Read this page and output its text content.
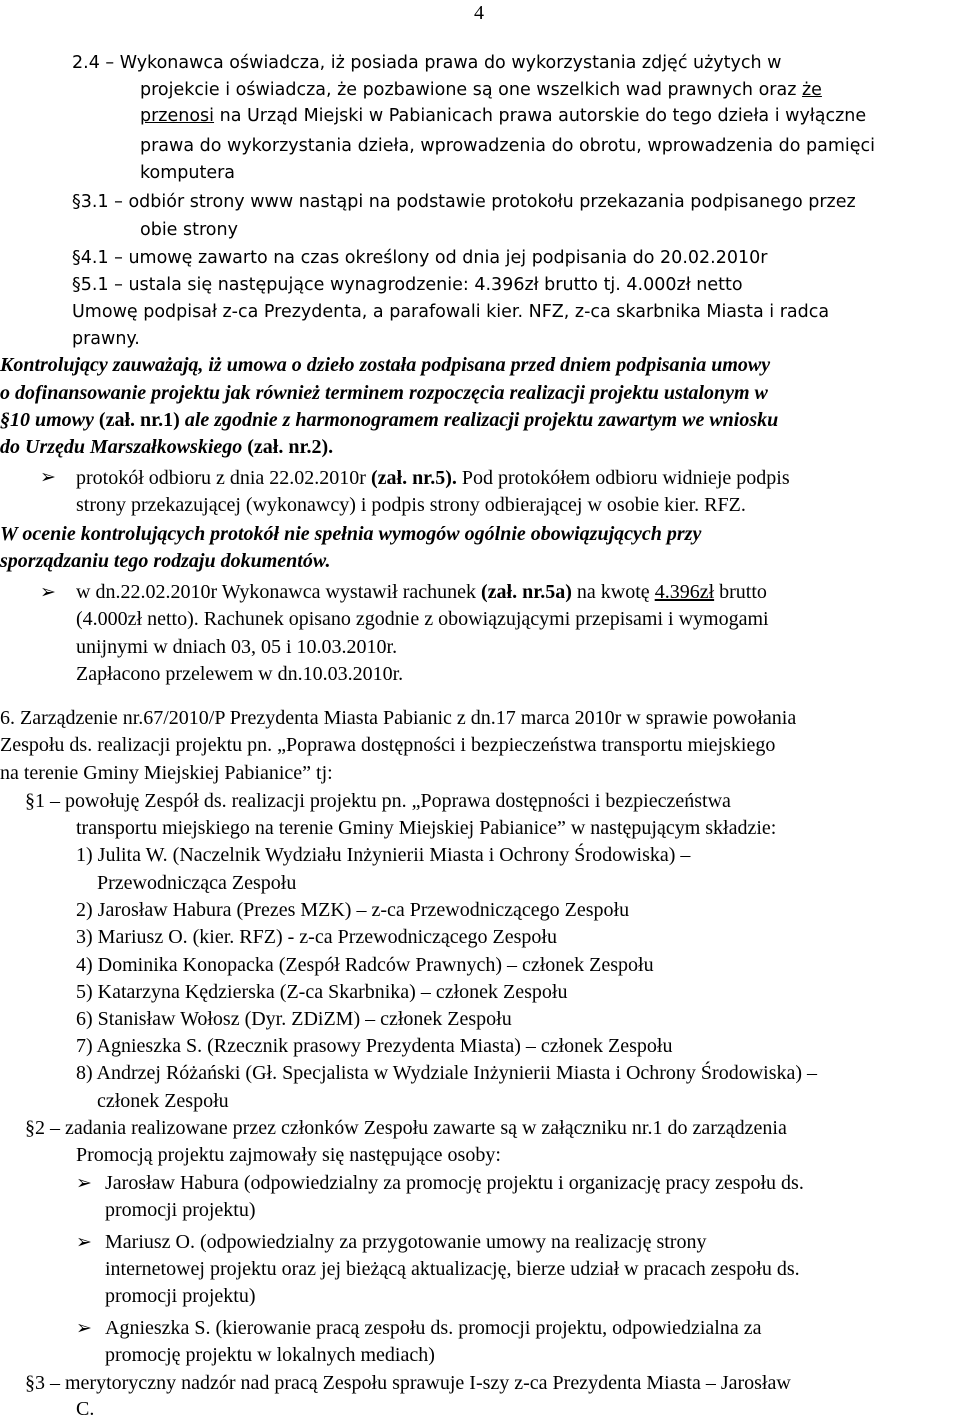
4
2.4 – Wykonawca oświadcza, iż posiada prawa do wykorzystania zdjęć użytych w
projekcie i oświadcza, że pozbawione są one wszelkich wad prawnych oraz że
przenosi na Urząd Miejski w Pabianicach prawa autorskie do tego dzieła i wyłączne
prawa do wykorzystania dzieła, wprowadzenia do obrotu, wprowadzenia do pamięci
komputera
§3.1 – odbiór strony www nastąpi na podstawie protokołu przekazania podpisanego przez
obie strony
§4.1 – umowę zawarto na czas określony od dnia jej podpisania do 20.02.2010r
§5.1 – ustala się następujące wynagrodzenie: 4.396zł brutto tj. 4.000zł netto
Umowę podpisał z-ca Prezydenta, a parafowali kier. NFZ, z-ca skarbnika Miasta i radca
prawny.
Kontrolujący zauważają, iż umowa o dzieło została podpisana przed dniem podpisania umowy
o dofinansowanie projektu jak również terminem rozpoczęcia realizacji projektu ustalonym w
§10 umowy (zał. nr.1) ale zgodnie z harmonogramem realizacji projektu zawartym we wniosku
do Urzędu Marszałkowskiego (zał. nr.2).
➢ protokół odbioru z dnia 22.02.2010r (zał. nr.5). Pod protokółem odbioru widnieje podpis
strony przekazującej (wykonawcy) i podpis strony odbierającej w osobie kier. RFZ.
W ocenie kontrolujących protokół nie spełnia wymogów ogólnie obowiązujących przy
sporządzaniu tego rodzaju dokumentów.
➢ w dn.22.02.2010r Wykonawca wystawił rachunek (zał. nr.5a) na kwotę 4.396zł brutto
(4.000zł netto). Rachunek opisano zgodnie z obowiązującymi przepisami i wymogami
unijnymi w dniach 03, 05 i 10.03.2010r.
Zapłacono przelewem w dn.10.03.2010r.
6. Zarządzenie nr.67/2010/P Prezydenta Miasta Pabianic z dn.17 marca 2010r w sprawie powołania
Zespołu ds. realizacji projektu pn. „Poprawa dostępności i bezpieczeństwa transportu miejskiego
na terenie Gminy Miejskiej Pabianice” tj:
§1 – powołuję Zespół ds. realizacji projektu pn. „Poprawa dostępności i bezpieczeństwa
transportu miejskiego na terenie Gminy Miejskiej Pabianice” w następującym składzie:
1) Julita W. (Naczelnik Wydziału Inżynierii Miasta i Ochrony Środowiska) –
Przewodnicząca Zespołu
2) Jarosław Habura (Prezes MZK) – z-ca Przewodniczącego Zespołu
3) Mariusz O. (kier. RFZ) - z-ca Przewodniczącego Zespołu
4) Dominika Konopacka (Zespół Radców Prawnych) – członek Zespołu
5) Katarzyna Kędzierska (Z-ca Skarbnika) – członek Zespołu
6) Stanisław Wołosz (Dyr. ZDiZM) – członek Zespołu
7) Agnieszka S. (Rzecznik prasowy Prezydenta Miasta) – członek Zespołu
8) Andrzej Różański (Gł. Specjalista w Wydziale Inżynierii Miasta i Ochrony Środowiska) –
członek Zespołu
§2 – zadania realizowane przez członków Zespołu zawarte są w załączniku nr.1 do zarządzenia
Promocją projektu zajmowały się następujące osoby:
➢ Jarosław Habura (odpowiedzialny za promocję projektu i organizację pracy zespołu ds.
promocji projektu)
➢ Mariusz O. (odpowiedzialny za przygotowanie umowy na realizację strony
internetowej projektu oraz jej bieżącą aktualizację, bierze udział w pracach zespołu ds.
promocji projektu)
➢ Agnieszka S. (kierowanie pracą zespołu ds. promocji projektu, odpowiedzialna za
promocję projektu w lokalnych mediach)
§3 – merytoryczny nadzór nad pracą Zespołu sprawuje I-szy z-ca Prezydenta Miasta – Jarosław
C.
